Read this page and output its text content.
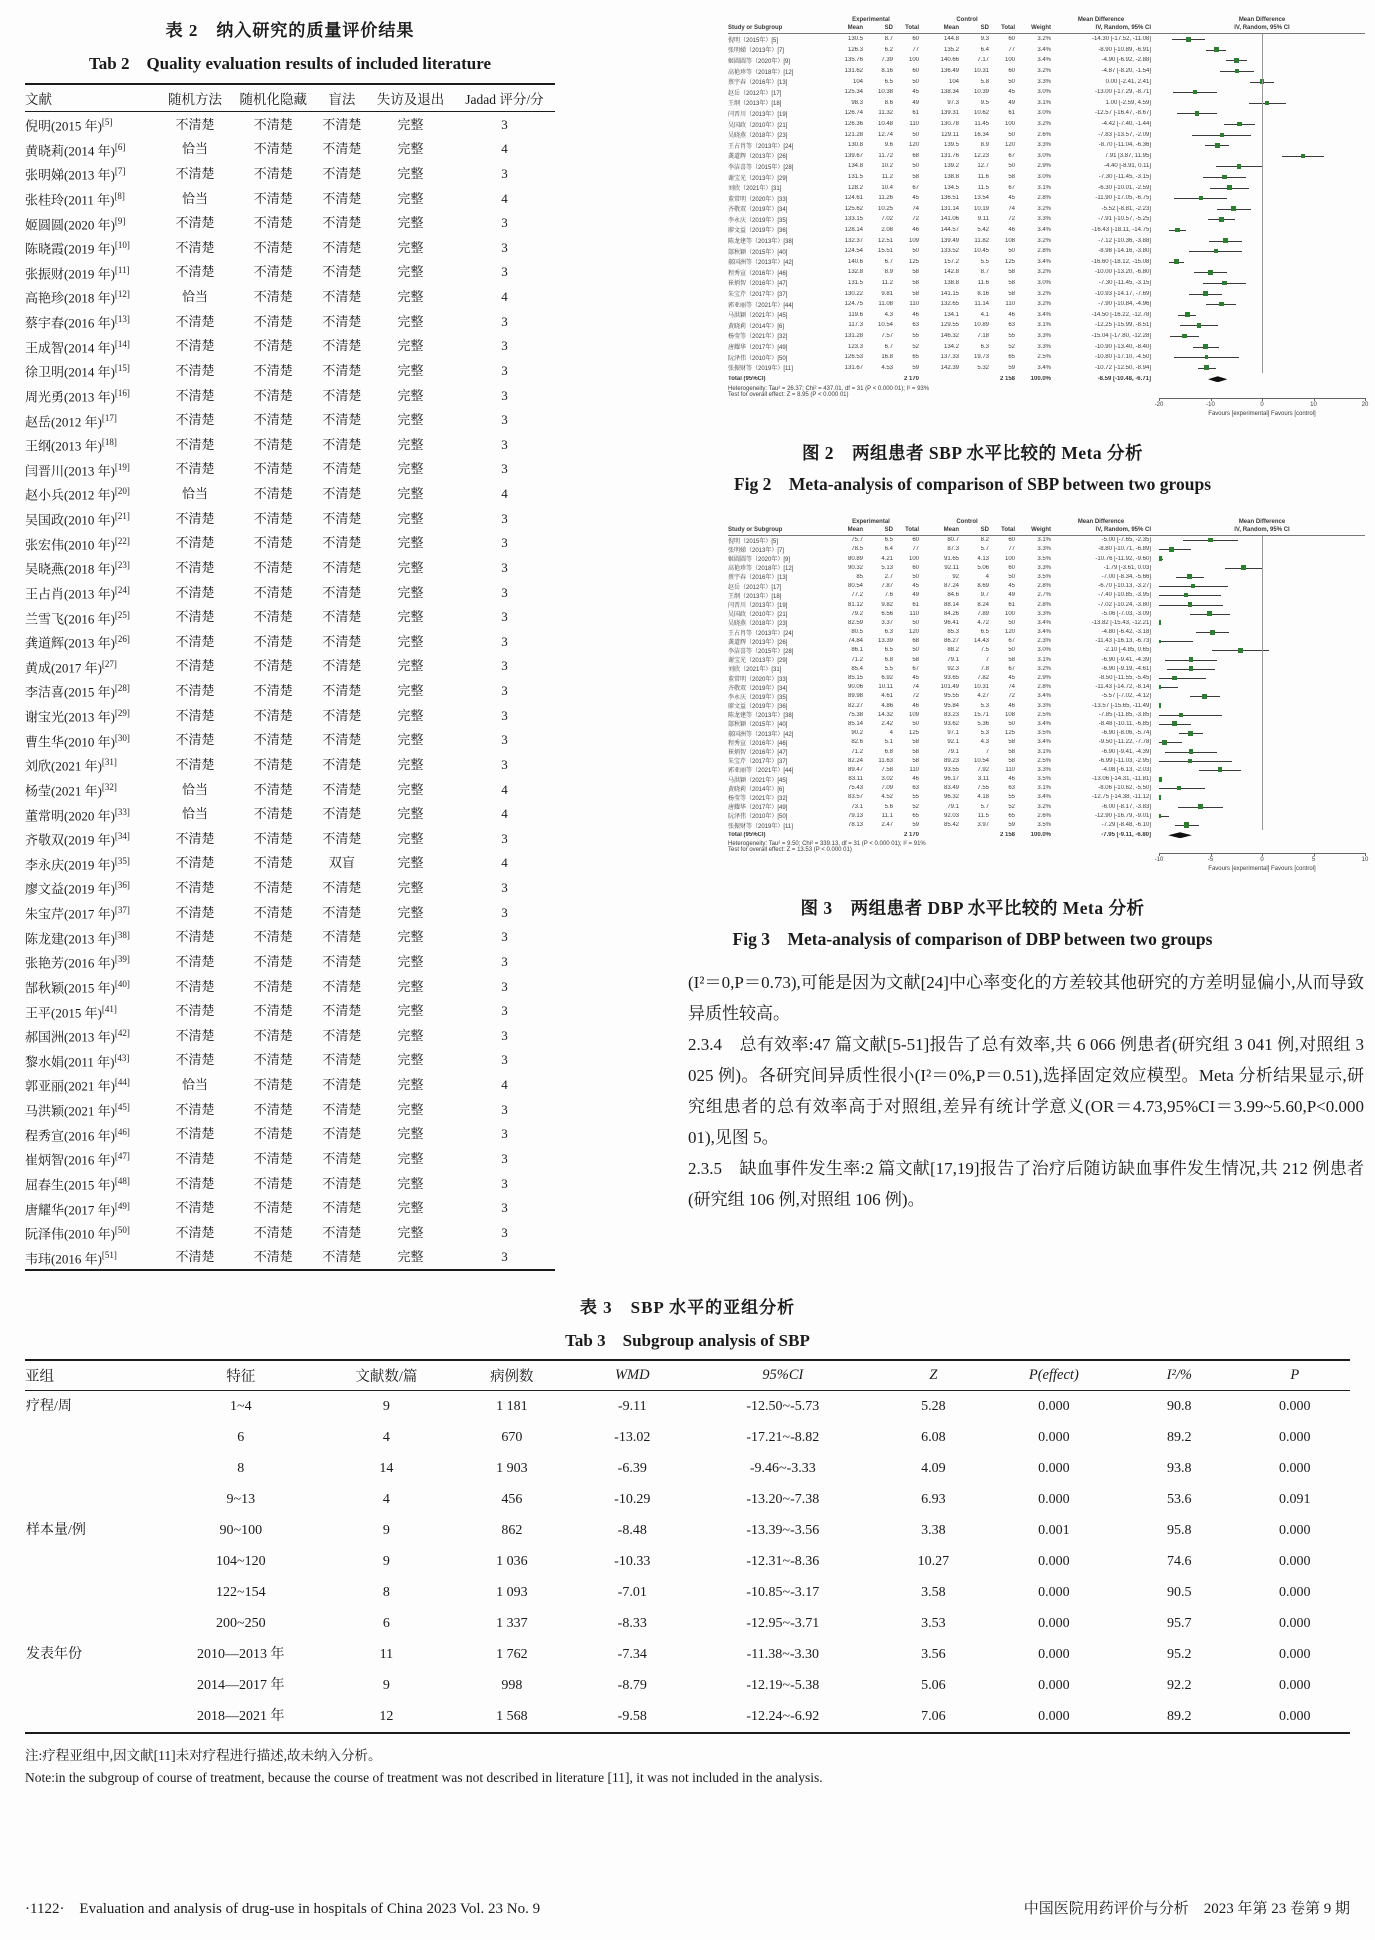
表 2　纳入研究的质量评价结果
Tab 2　Quality evaluation results of included literature
文献	随机方法	随机化隐藏	盲法	失访及退出	Jadad 评分/分
倪明(2015 年)[5]	不清楚	不清楚	不清楚	完整	3
黄晓莉(2014 年)[6]	恰当	不清楚	不清楚	完整	4
张明娣(2013 年)[7]	不清楚	不清楚	不清楚	完整	3
张桂玲(2011 年)[8]	恰当	不清楚	不清楚	完整	4
姬圆圆(2020 年)[9]	不清楚	不清楚	不清楚	完整	3
陈晓霞(2019 年)[10]	不清楚	不清楚	不清楚	完整	3
张振财(2019 年)[11]	不清楚	不清楚	不清楚	完整	3
高艳珍(2018 年)[12]	恰当	不清楚	不清楚	完整	4
蔡宇春(2016 年)[13]	不清楚	不清楚	不清楚	完整	3
王成智(2014 年)[14]	不清楚	不清楚	不清楚	完整	3
徐卫明(2014 年)[15]	不清楚	不清楚	不清楚	完整	3
周光勇(2013 年)[16]	不清楚	不清楚	不清楚	完整	3
赵岳(2012 年)[17]	不清楚	不清楚	不清楚	完整	3
王纲(2013 年)[18]	不清楚	不清楚	不清楚	完整	3
闫晋川(2013 年)[19]	不清楚	不清楚	不清楚	完整	3
赵小兵(2012 年)[20]	恰当	不清楚	不清楚	完整	4
吴国政(2010 年)[21]	不清楚	不清楚	不清楚	完整	3
张宏伟(2010 年)[22]	不清楚	不清楚	不清楚	完整	3
吴晓燕(2018 年)[23]	不清楚	不清楚	不清楚	完整	3
王占肖(2013 年)[24]	不清楚	不清楚	不清楚	完整	3
兰雪飞(2016 年)[25]	不清楚	不清楚	不清楚	完整	3
龚道辉(2013 年)[26]	不清楚	不清楚	不清楚	完整	3
黄成(2017 年)[27]	不清楚	不清楚	不清楚	完整	3
李洁喜(2015 年)[28]	不清楚	不清楚	不清楚	完整	3
谢宝光(2013 年)[29]	不清楚	不清楚	不清楚	完整	3
曹生华(2010 年)[30]	不清楚	不清楚	不清楚	完整	3
刘欣(2021 年)[31]	不清楚	不清楚	不清楚	完整	3
杨莹(2021 年)[32]	恰当	不清楚	不清楚	完整	4
董常明(2020 年)[33]	恰当	不清楚	不清楚	完整	4
齐敬双(2019 年)[34]	不清楚	不清楚	不清楚	完整	3
李永庆(2019 年)[35]	不清楚	不清楚	双盲	完整	4
廖文益(2019 年)[36]	不清楚	不清楚	不清楚	完整	3
朱宝芹(2017 年)[37]	不清楚	不清楚	不清楚	完整	3
陈龙建(2013 年)[38]	不清楚	不清楚	不清楚	完整	3
张艳芳(2016 年)[39]	不清楚	不清楚	不清楚	完整	3
郜秋颖(2015 年)[40]	不清楚	不清楚	不清楚	完整	3
王平(2015 年)[41]	不清楚	不清楚	不清楚	完整	3
郝国洲(2013 年)[42]	不清楚	不清楚	不清楚	完整	3
黎水娟(2011 年)[43]	不清楚	不清楚	不清楚	完整	3
郭亚丽(2021 年)[44]	恰当	不清楚	不清楚	完整	4
马洪颖(2021 年)[45]	不清楚	不清楚	不清楚	完整	3
程秀宣(2016 年)[46]	不清楚	不清楚	不清楚	完整	3
崔炳智(2016 年)[47]	不清楚	不清楚	不清楚	完整	3
屈春生(2015 年)[48]	不清楚	不清楚	不清楚	完整	3
唐耀华(2017 年)[49]	不清楚	不清楚	不清楚	完整	3
阮泽伟(2010 年)[50]	不清楚	不清楚	不清楚	完整	3
韦玮(2016 年)[51]	不清楚	不清楚	不清楚	完整	3
Experimental	Control	Mean Difference	Mean Difference
Study or Subgroup	Mean	SD	Total	Mean	SD	Total	Weight	IV, Random, 95% CI	IV, Random, 95% CI
倪明（2015年）[5]	130.5	8.7	60	144.8	9.3	60	3.2%	-14.30 [-17.52, -11.08]
张明娣（2013年）[7]	126.3	6.2	77	135.2	6.4	77	3.4%	-8.90 [-10.89, -6.91]
姬圆圆等（2020年）[9]	135.76	7.39	100	140.66	7.17	100	3.4%	-4.90 [-6.92, -2.88]
高艳珍等（2018年）[12]	131.62	8.16	60	136.49	10.31	60	3.2%	-4.87 [-8.20, -1.54]
蔡宇春（2016年）[13]	104	6.5	50	104	5.8	50	3.3%	0.00 [-2.41, 2.41]
赵岳（2012年）[17]	125.34	10.38	45	138.34	10.39	45	3.0%	-13.00 [-17.29, -8.71]
王纲（2013年）[18]	98.3	8.6	49	97.3	9.5	49	3.1%	1.00 [-2.59, 4.59]
闫晋川（2013年）[19]	126.74	11.32	61	139.31	10.62	61	3.0%	-12.57 [-16.47, -8.67]
吴国政（2010年）[21]	126.36	10.48	110	130.78	11.45	100	3.2%	-4.42 [-7.40, -1.44]
吴晓燕（2018年）[23]	121.28	12.74	50	129.11	16.34	50	2.6%	-7.83 [-13.57, -2.09]
王占肖等（2013年）[24]	130.8	9.6	120	139.5	8.9	120	3.3%	-8.70 [-11.04, -6.36]
龚道辉（2013年）[26]	139.67	11.72	68	131.76	12.23	67	3.0%	7.91 [3.87, 11.95]
李洁喜等（2015年）[28]	134.8	10.2	50	139.2	12.7	50	2.9%	-4.40 [-8.91, 0.11]
谢宝光（2013年）[29]	131.5	11.2	58	138.8	11.6	58	3.0%	-7.30 [-11.45, -3.15]
刘欣（2021年）[31]	128.2	10.4	67	134.5	11.5	67	3.1%	-6.30 [-10.01, -2.59]
董常明（2020年）[33]	124.61	11.26	45	136.51	13.54	45	2.8%	-11.90 [-17.05, -6.75]
齐敬双（2019年）[34]	125.62	10.25	74	131.14	10.19	74	3.2%	-5.52 [-8.81, -2.23]
李永庆（2019年）[35]	133.15	7.02	72	141.06	9.11	72	3.3%	-7.91 [-10.57, -5.25]
廖文益（2019年）[36]	128.14	2.08	46	144.57	5.42	46	3.4%	-16.43 [-18.11, -14.75]
陈龙建等（2013年）[38]	132.37	12.51	109	139.49	11.82	108	3.2%	-7.12 [-10.36, -3.88]
郜秋颖（2015年）[40]	124.54	15.51	50	133.52	10.45	50	2.8%	-8.98 [-14.16, -3.80]
郝国洲等（2013年）[42]	140.6	6.7	125	157.2	5.5	125	3.4%	-16.60 [-18.12, -15.08]
程秀宣（2016年）[46]	132.8	8.9	58	142.8	8.7	58	3.2%	-10.00 [-13.20, -6.80]
崔炳智（2016年）[47]	131.5	11.2	58	138.8	11.6	58	3.0%	-7.30 [-11.45, -3.15]
朱宝芹（2017年）[37]	130.22	9.81	58	141.15	8.16	58	3.2%	-10.93 [-14.17, -7.69]
郭亚丽等（2021年）[44]	124.75	11.08	110	132.65	11.14	110	3.2%	-7.90 [-10.84, -4.96]
马洪颖（2021年）[45]	119.6	4.3	46	134.1	4.1	46	3.4%	-14.50 [-16.22, -12.78]
黄晓莉（2014年）[6]	117.3	10.54	63	129.55	10.89	63	3.1%	-12.25 [-15.99, -8.51]
杨莹等（2021年）[32]	131.28	7.57	55	146.32	7.18	55	3.3%	-15.04 [-17.80, -12.28]
唐耀华（2017年）[49]	123.3	6.7	52	134.2	6.3	52	3.3%	-10.90 [-13.40, -8.40]
阮泽伟（2010年）[50]	126.53	16.8	65	137.33	19.73	65	2.5%	-10.80 [-17.10, -4.50]
张振财等（2019年）[11]	131.67	4.53	59	142.39	5.32	59	3.4%	-10.72 [-12.50, -8.94]
Total (95%CI)	2 170	2 158	100.0%	-8.59 [-10.48, -6.71]
Heterogeneity: Tau² = 26.37; Chi² = 437.01, df = 31 (P < 0.000 01); I² = 93%
Test for overall effect: Z = 8.95 (P < 0.000 01)
-20	-10	0	10	20
Favours [experimental] Favours [control]
图 2　两组患者 SBP 水平比较的 Meta 分析
Fig 2　Meta-analysis of comparison of SBP between two groups
Experimental	Control	Mean Difference	Mean Difference
Study or Subgroup	Mean	SD	Total	Mean	SD	Total	Weight	IV, Random, 95% CI	IV, Random, 95% CI
倪明（2015年）[5]	75.7	6.5	60	80.7	8.2	60	3.1%	-5.00 [-7.65, -2.35]
张明娣（2013年）[7]	78.5	6.4	77	87.3	5.7	77	3.3%	-8.80 [-10.71, -6.89]
姬圆圆等（2020年）[9]	80.89	4.21	100	91.65	4.13	100	3.5%	-10.76 [-11.92, -9.60]
高艳珍等（2018年）[12]	90.32	5.13	60	92.11	5.06	60	3.3%	-1.79 [-3.61, 0.03]
蔡宇春（2016年）[13]	85	2.7	50	92	4	50	3.5%	-7.00 [-8.34, -5.66]
赵岳（2012年）[17]	80.54	7.87	45	87.24	8.69	45	2.8%	-6.70 [-10.13, -3.27]
王纲（2013年）[18]	77.2	7.6	49	84.6	9.7	49	2.7%	-7.40 [-10.85, -3.95]
闫晋川（2013年）[19]	81.12	9.82	61	88.14	8.24	61	2.8%	-7.02 [-10.24, -3.80]
吴国政（2010年）[21]	79.2	6.56	110	84.26	7.89	100	3.3%	-5.06 [-7.03, -3.09]
吴晓燕（2018年）[23]	82.59	3.37	50	96.41	4.72	50	3.4%	-13.82 [-15.43, -12.21]
王占肖等（2013年）[24]	80.5	6.3	120	85.3	6.5	120	3.4%	-4.80 [-6.42, -3.18]
龚道辉（2013年）[26]	74.84	13.39	68	86.27	14.43	67	2.3%	-11.43 [-16.13, -6.73]
李洁喜等（2015年）[28]	86.1	6.5	50	88.2	7.5	50	3.0%	-2.10 [-4.85, 0.65]
谢宝光（2013年）[29]	71.2	6.8	58	79.1	7	58	3.1%	-6.90 [-9.41, -4.39]
刘欣（2021年）[31]	85.4	5.5	67	92.3	7.8	67	3.2%	-6.90 [-9.19, -4.61]
董常明（2020年）[33]	85.15	6.92	45	93.65	7.82	45	2.9%	-8.50 [-11.55, -5.45]
齐敬双（2019年）[34]	90.06	10.11	74	101.49	10.31	74	2.8%	-11.43 [-14.72, -8.14]
李永庆（2019年）[35]	89.98	4.61	72	95.55	4.27	72	3.4%	-5.57 [-7.02, -4.12]
廖文益（2019年）[36]	82.27	4.86	46	95.84	5.3	46	3.3%	-13.57 [-15.65, -11.49]
陈龙建等（2013年）[38]	75.38	14.32	109	83.23	15.71	108	2.5%	-7.85 [-11.85, -3.85]
郜秋颖（2015年）[40]	85.14	2.42	50	93.62	5.36	50	3.4%	-8.48 [-10.11, -6.85]
郝国洲等（2013年）[42]	90.2	4	125	97.1	5.3	125	3.5%	-6.90 [-8.06, -5.74]
程秀宣（2016年）[46]	82.6	5.1	58	92.1	4.3	58	3.4%	-9.50 [-11.22, -7.78]
崔炳智（2016年）[47]	71.2	6.8	58	79.1	7	58	3.1%	-6.90 [-9.41, -4.39]
朱宝芹（2017年）[37]	82.24	11.63	58	89.23	10.54	58	2.5%	-6.99 [-11.03, -2.95]
郭亚丽等（2021年）[44]	89.47	7.58	110	93.55	7.92	110	3.3%	-4.08 [-6.13, -2.03]
马洪颖（2021年）[45]	83.11	3.02	46	96.17	3.11	46	3.5%	-13.06 [-14.31, -11.81]
黄晓莉（2014年）[6]	75.43	7.09	63	83.49	7.55	63	3.1%	-8.06 [-10.62, -5.50]
杨莹等（2021年）[32]	83.57	4.52	55	96.32	4.18	55	3.4%	-12.75 [-14.38, -11.12]
唐耀华（2017年）[49]	73.1	5.6	52	79.1	5.7	52	3.2%	-6.00 [-8.17, -3.83]
阮泽伟（2010年）[50]	79.13	11.1	65	92.03	11.5	65	2.6%	-12.90 [-16.79, -9.01]
张振财等（2019年）[11]	78.13	2.47	59	85.42	3.97	59	3.5%	-7.29 [-8.48, -6.10]
Total (95%CI)	2 170	2 158	100.0%	-7.95 [-9.11, -6.80]
Heterogeneity: Tau² = 9.50; Chi² = 339.13, df = 31 (P < 0.000 01); I² = 91%
Test for overall effect: Z = 13.53 (P < 0.000 01)
-10	-5	0	5	10
Favours [experimental] Favours [control]
图 3　两组患者 DBP 水平比较的 Meta 分析
Fig 3　Meta-analysis of comparison of DBP between two groups

(I²＝0,P＝0.73),可能是因为文献[24]中心率变化的方差较其他研究的方差明显偏小,从而导致异质性较高。

2.3.4　总有效率:47 篇文献[5-51]报告了总有效率,共 6 066 例患者(研究组 3 041 例,对照组 3 025 例)。各研究间异质性很小(I²＝0%,P＝0.51),选择固定效应模型。Meta 分析结果显示,研究组患者的总有效率高于对照组,差异有统计学意义(OR＝4.73,95%CI＝3.99~5.60,P<0.000 01),见图 5。

2.3.5　缺血事件发生率:2 篇文献[17,19]报告了治疗后随访缺血事件发生情况,共 212 例患者(研究组 106 例,对照组 106 例)。

表 3　SBP 水平的亚组分析
Tab 3　Subgroup analysis of SBP
亚组	特征	文献数/篇	病例数	WMD	95%CI	Z	P(effect)	I²/%	P
疗程/周	1~4	9	1 181	-9.11	-12.50~-5.73	5.28	0.000	90.8	0.000
	6	4	670	-13.02	-17.21~-8.82	6.08	0.000	89.2	0.000
	8	14	1 903	-6.39	-9.46~-3.33	4.09	0.000	93.8	0.000
	9~13	4	456	-10.29	-13.20~-7.38	6.93	0.000	53.6	0.091
样本量/例	90~100	9	862	-8.48	-13.39~-3.56	3.38	0.001	95.8	0.000
	104~120	9	1 036	-10.33	-12.31~-8.36	10.27	0.000	74.6	0.000
	122~154	8	1 093	-7.01	-10.85~-3.17	3.58	0.000	90.5	0.000
	200~250	6	1 337	-8.33	-12.95~-3.71	3.53	0.000	95.7	0.000
发表年份	2010—2013 年	11	1 762	-7.34	-11.38~-3.30	3.56	0.000	95.2	0.000
	2014—2017 年	9	998	-8.79	-12.19~-5.38	5.06	0.000	92.2	0.000
	2018—2021 年	12	1 568	-9.58	-12.24~-6.92	7.06	0.000	89.2	0.000
注:疗程亚组中,因文献[11]未对疗程进行描述,故未纳入分析。
Note:in the subgroup of course of treatment, because the course of treatment was not described in literature [11], it was not included in the analysis.
·1122·　Evaluation and analysis of drug-use in hospitals of China 2023 Vol. 23 No. 9	中国医院用药评价与分析　2023 年第 23 卷第 9 期
